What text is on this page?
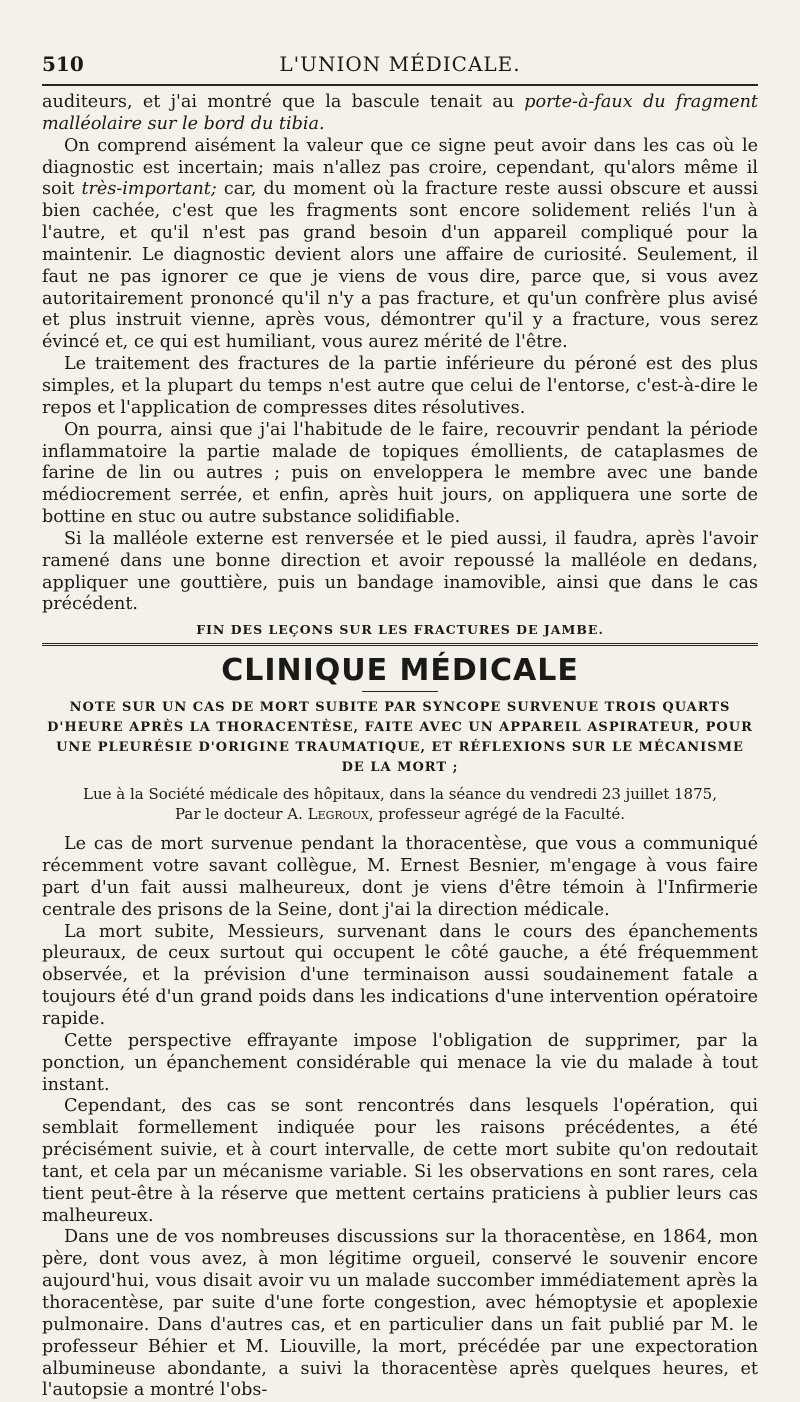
510	L'UNION MÉDICALE.

auditeurs, et j'ai montré que la bascule tenait au porte-à-faux du fragment malléolaire sur le bord du tibia.

On comprend aisément la valeur que ce signe peut avoir dans les cas où le diagnostic est incertain; mais n'allez pas croire, cependant, qu'alors même il soit très-important; car, du moment où la fracture reste aussi obscure et aussi bien cachée, c'est que les fragments sont encore solidement reliés l'un à l'autre, et qu'il n'est pas grand besoin d'un appareil compliqué pour la maintenir. Le diagnostic devient alors une affaire de curiosité. Seulement, il faut ne pas ignorer ce que je viens de vous dire, parce que, si vous avez autoritairement prononcé qu'il n'y a pas fracture, et qu'un confrère plus avisé et plus instruit vienne, après vous, démontrer qu'il y a fracture, vous serez évincé et, ce qui est humiliant, vous aurez mérité de l'être.

Le traitement des fractures de la partie inférieure du péroné est des plus simples, et la plupart du temps n'est autre que celui de l'entorse, c'est-à-dire le repos et l'application de compresses dites résolutives.

On pourra, ainsi que j'ai l'habitude de le faire, recouvrir pendant la période inflammatoire la partie malade de topiques émollients, de cataplasmes de farine de lin ou autres ; puis on enveloppera le membre avec une bande médiocrement serrée, et enfin, après huit jours, on appliquera une sorte de bottine en stuc ou autre substance solidifiable.

Si la malléole externe est renversée et le pied aussi, il faudra, après l'avoir ramené dans une bonne direction et avoir repoussé la malléole en dedans, appliquer une gouttière, puis un bandage inamovible, ainsi que dans le cas précédent.

FIN DES LEÇONS SUR LES FRACTURES DE JAMBE.
CLINIQUE MÉDICALE
NOTE SUR UN CAS DE MORT SUBITE PAR SYNCOPE SURVENUE TROIS QUARTS D'HEURE APRÈS LA THORACENTÈSE, FAITE AVEC UN APPAREIL ASPIRATEUR, POUR UNE PLEURÉSIE D'ORIGINE TRAUMATIQUE, ET RÉFLEXIONS SUR LE MÉCANISME DE LA MORT ;
Lue à la Société médicale des hôpitaux, dans la séance du vendredi 23 juillet 1875,
Par le docteur A. Legroux, professeur agrégé de la Faculté.

Le cas de mort survenue pendant la thoracentèse, que vous a communiqué récemment votre savant collègue, M. Ernest Besnier, m'engage à vous faire part d'un fait aussi malheureux, dont je viens d'être témoin à l'Infirmerie centrale des prisons de la Seine, dont j'ai la direction médicale.

La mort subite, Messieurs, survenant dans le cours des épanchements pleuraux, de ceux surtout qui occupent le côté gauche, a été fréquemment observée, et la prévision d'une terminaison aussi soudainement fatale a toujours été d'un grand poids dans les indications d'une intervention opératoire rapide.

Cette perspective effrayante impose l'obligation de supprimer, par la ponction, un épanchement considérable qui menace la vie du malade à tout instant.

Cependant, des cas se sont rencontrés dans lesquels l'opération, qui semblait formellement indiquée pour les raisons précédentes, a été précisément suivie, et à court intervalle, de cette mort subite qu'on redoutait tant, et cela par un mécanisme variable. Si les observations en sont rares, cela tient peut-être à la réserve que mettent certains praticiens à publier leurs cas malheureux.

Dans une de vos nombreuses discussions sur la thoracentèse, en 1864, mon père, dont vous avez, à mon légitime orgueil, conservé le souvenir encore aujourd'hui, vous disait avoir vu un malade succomber immédiatement après la thoracentèse, par suite d'une forte congestion, avec hémoptysie et apoplexie pulmonaire. Dans d'autres cas, et en particulier dans un fait publié par M. le professeur Béhier et M. Liouville, la mort, précédée par une expectoration albumineuse abondante, a suivi la thoracentèse après quelques heures, et l'autopsie a montré l'obs-
